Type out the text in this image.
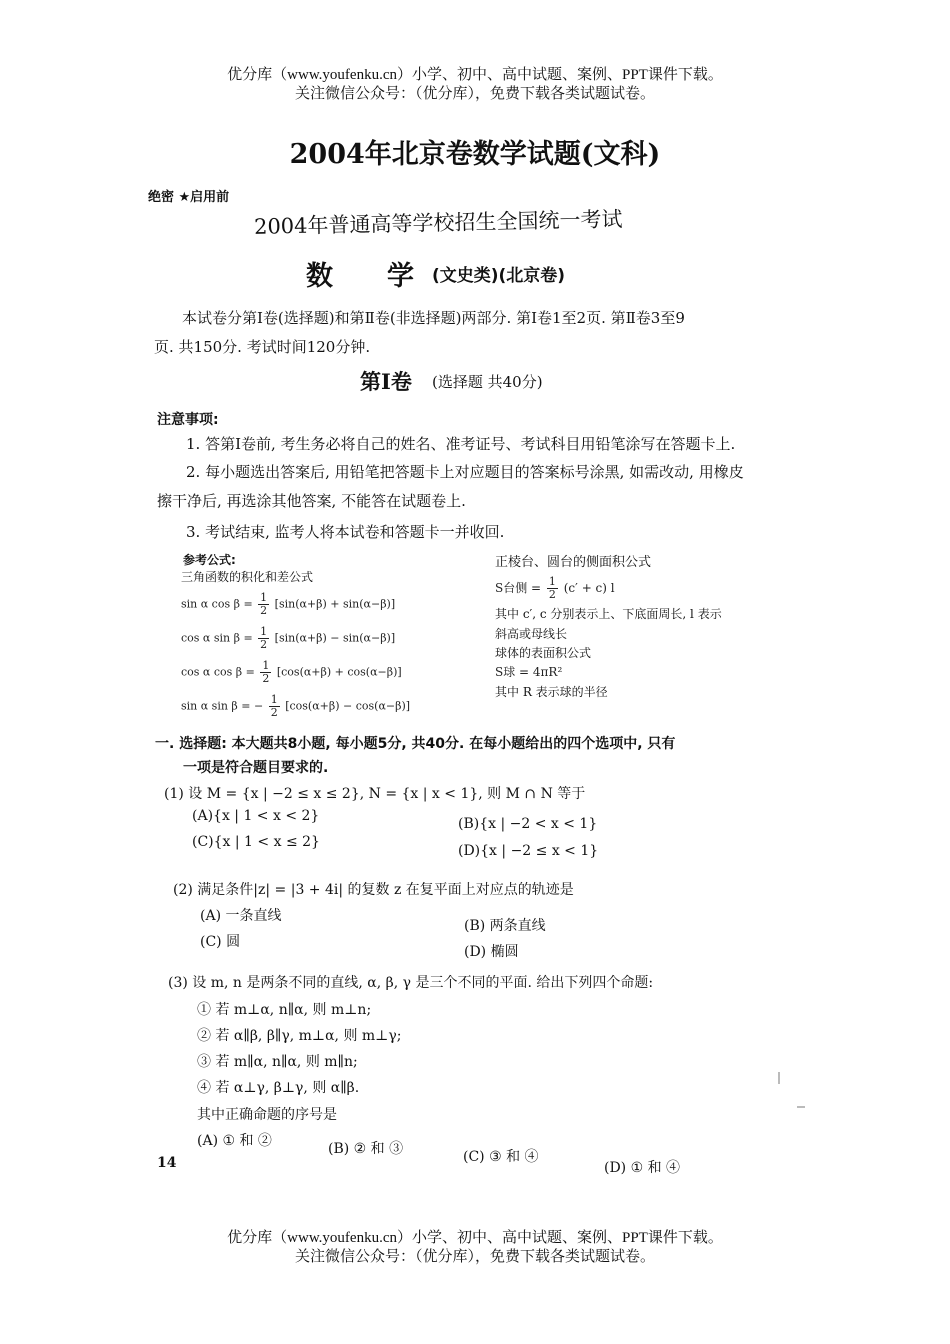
优分库（www.youfenku.cn）小学、初中、高中试题、案例、PPT课件下载。
关注微信公众号：（优分库），免费下载各类试题试卷。
2004年北京卷数学试题(文科)
绝密 ★启用前
2004年普通高等学校招生全国统一考试
数　　学 (文史类)(北京卷)
本试卷分第Ⅰ卷(选择题)和第Ⅱ卷(非选择题)两部分. 第Ⅰ卷1至2页. 第Ⅱ卷3至9
页. 共150分. 考试时间120分钟.
第Ⅰ卷 (选择题 共40分)
注意事项:
1. 答第Ⅰ卷前, 考生务必将自己的姓名、准考证号、考试科目用铅笔涂写在答题卡上.
2. 每小题选出答案后, 用铅笔把答题卡上对应题目的答案标号涂黑, 如需改动, 用橡皮
擦干净后, 再选涂其他答案, 不能答在试题卷上.
3. 考试结束, 监考人将本试卷和答题卡一并收回.
参考公式:
三角函数的积化和差公式
sin α $\cos \beta = \frac{1}{2} [\sin(\alpha+\beta) + \sin(\alpha-\beta)]$
cos α $\sin \beta = \frac{1}{2} [\sin(\alpha+\beta) - \sin(\alpha-\beta)]$
cos α $\cos \beta = \frac{1}{2} [\cos(\alpha+\beta) + \cos(\alpha-\beta)]$
sin α sin β = − $\frac{1}{2} [\cos(\alpha+\beta) - \cos(\alpha-\beta)]$
正棱台、圆台的侧面积公式
S台侧 = $\frac{1}{2} (c' + c)$ l
其中 c′, c 分别表示上、下底面周长, l 表示
斜高或母线长
球体的表面积公式
S球 = 4πR²
其中 R 表示球的半径
一. 选择题: 本大题共8小题, 每小题5分, 共40分. 在每小题给出的四个选项中, 只有
一项是符合题目要求的.
(1) 设 M = {x | −2 ≤ x ≤ 2}, N = {x | x < 1}, 则 M ∩ N 等于
(A){x | 1 < x < 2}	(B){x | −2 < x < 1}
(C){x | 1 < x ≤ 2}
(D){x | −2 ≤ x < 1}
(2) 满足条件|z| = |3 + 4i| 的复数 z 在复平面上对应点的轨迹是
(A) 一条直线
(B) 两条直线
(C) 圆
(D) 椭圆
(3) 设 m, n 是两条不同的直线, α, β, γ 是三个不同的平面. 给出下列四个命题:
① 若 m⊥α, n∥α, 则 m⊥n;
② 若 α∥β, β∥γ, m⊥α, 则 m⊥γ;
③ 若 m∥α, n∥α, 则 m∥n;
④ 若 α⊥γ, β⊥γ, 则 α∥β.
其中正确命题的序号是
(A) ① 和 ②	(B) ② 和 ③	(C) ③ 和 ④
(D) ① 和 ④
14
优分库（www.youfenku.cn）小学、初中、高中试题、案例、PPT课件下载。
关注微信公众号：（优分库），免费下载各类试题试卷。
